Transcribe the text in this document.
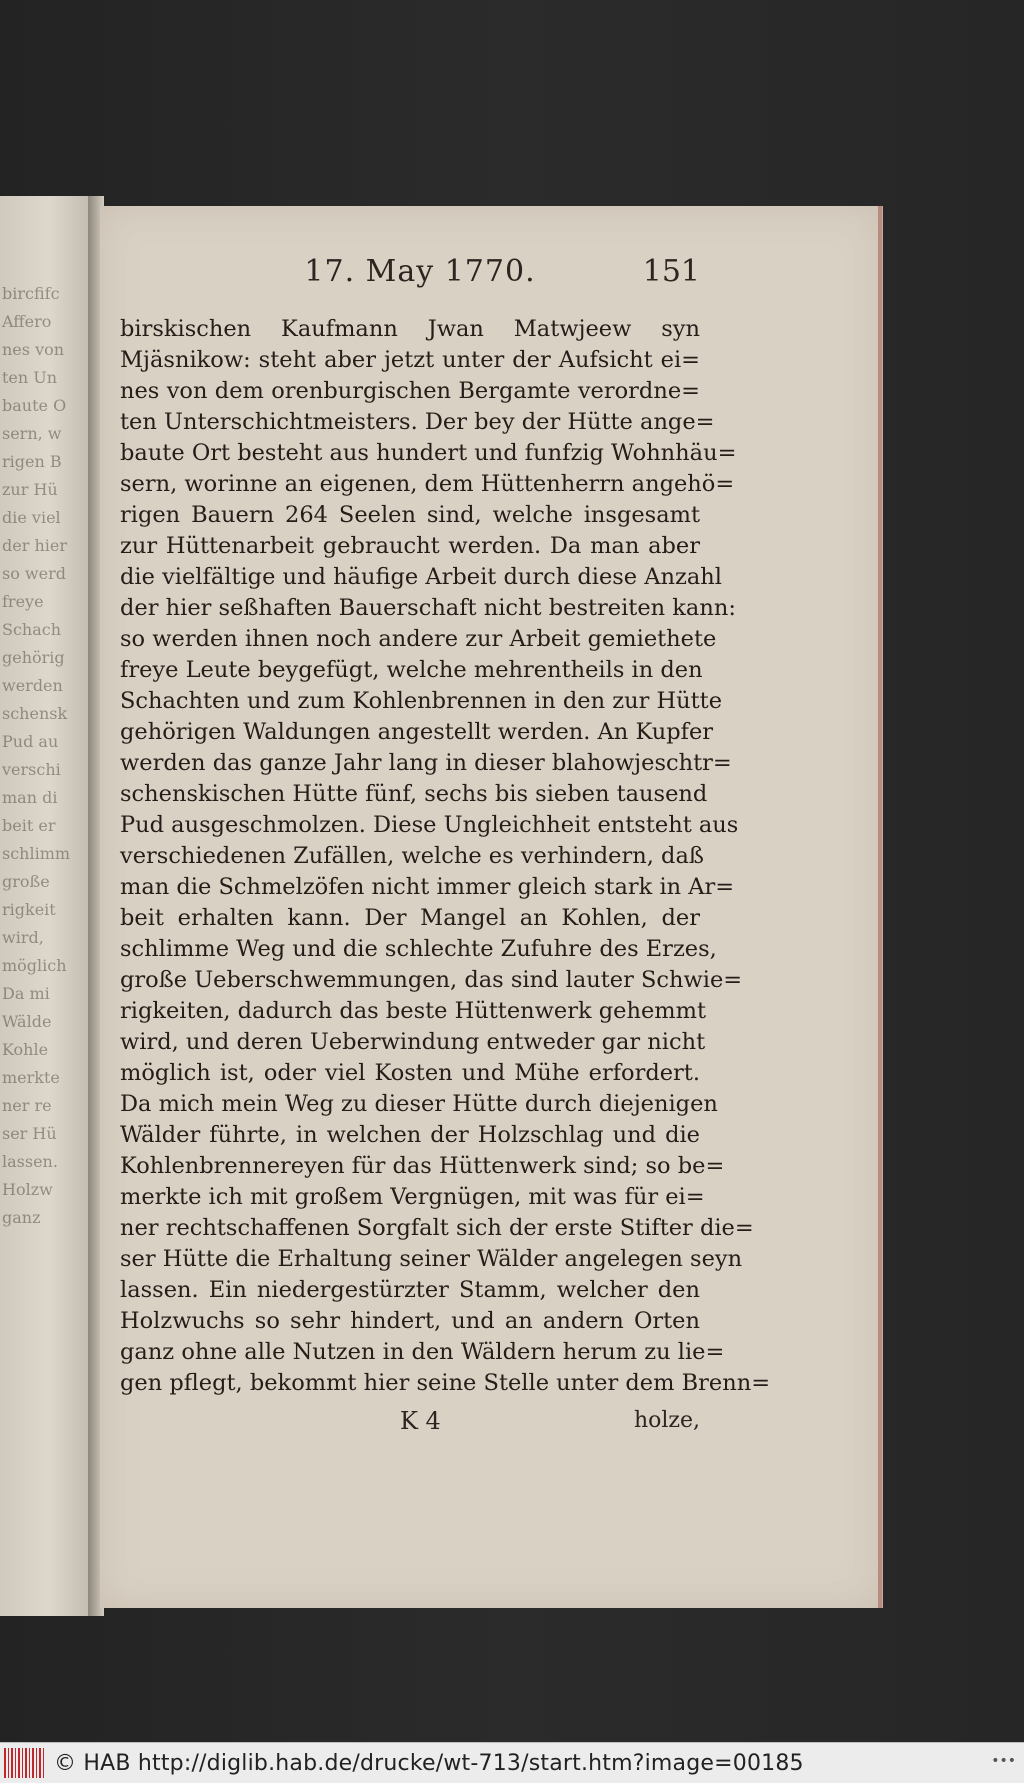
bircfifc
Affero
nes von
ten Un
baute O
sern, w
rigen B
zur Hü
die viel
der hier
so werd
freye
Schach
gehörig
werden
schensk
Pud au
verschi
man di
beit er
schlimm
große
rigkeit
wird,
möglich
Da mi
Wälde
Kohle
merkte
ner re
ser Hü
lassen.
Holzw
ganz
17. May 1770.	151
birskischen Kaufmann Jwan Matwjeew syn
Mjäsnikow: steht aber jetzt unter der Aufsicht ei=
nes von dem orenburgischen Bergamte verordne=
ten Unterschichtmeisters. Der bey der Hütte ange=
baute Ort besteht aus hundert und funfzig Wohnhäu=
sern, worinne an eigenen, dem Hüttenherrn angehö=
rigen Bauern 264 Seelen sind, welche insgesamt
zur Hüttenarbeit gebraucht werden. Da man aber
die vielfältige und häufige Arbeit durch diese Anzahl
der hier seßhaften Bauerschaft nicht bestreiten kann:
so werden ihnen noch andere zur Arbeit gemiethete
freye Leute beygefügt, welche mehrentheils in den
Schachten und zum Kohlenbrennen in den zur Hütte
gehörigen Waldungen angestellt werden. An Kupfer
werden das ganze Jahr lang in dieser blahowjeschtr=
schenskischen Hütte fünf, sechs bis sieben tausend
Pud ausgeschmolzen. Diese Ungleichheit entsteht aus
verschiedenen Zufällen, welche es verhindern, daß
man die Schmelzöfen nicht immer gleich stark in Ar=
beit erhalten kann. Der Mangel an Kohlen, der
schlimme Weg und die schlechte Zufuhre des Erzes,
große Ueberschwemmungen, das sind lauter Schwie=
rigkeiten, dadurch das beste Hüttenwerk gehemmt
wird, und deren Ueberwindung entweder gar nicht
möglich ist, oder viel Kosten und Mühe erfordert.
Da mich mein Weg zu dieser Hütte durch diejenigen
Wälder führte, in welchen der Holzschlag und die
Kohlenbrennereyen für das Hüttenwerk sind; so be=
merkte ich mit großem Vergnügen, mit was für ei=
ner rechtschaffenen Sorgfalt sich der erste Stifter die=
ser Hütte die Erhaltung seiner Wälder angelegen seyn
lassen. Ein niedergestürzter Stamm, welcher den
Holzwuchs so sehr hindert, und an andern Orten
ganz ohne alle Nutzen in den Wäldern herum zu lie=
gen pflegt, bekommt hier seine Stelle unter dem Brenn=
K 4	holze,
© HAB http://diglib.hab.de/drucke/wt-713/start.htm?image=00185	•••
